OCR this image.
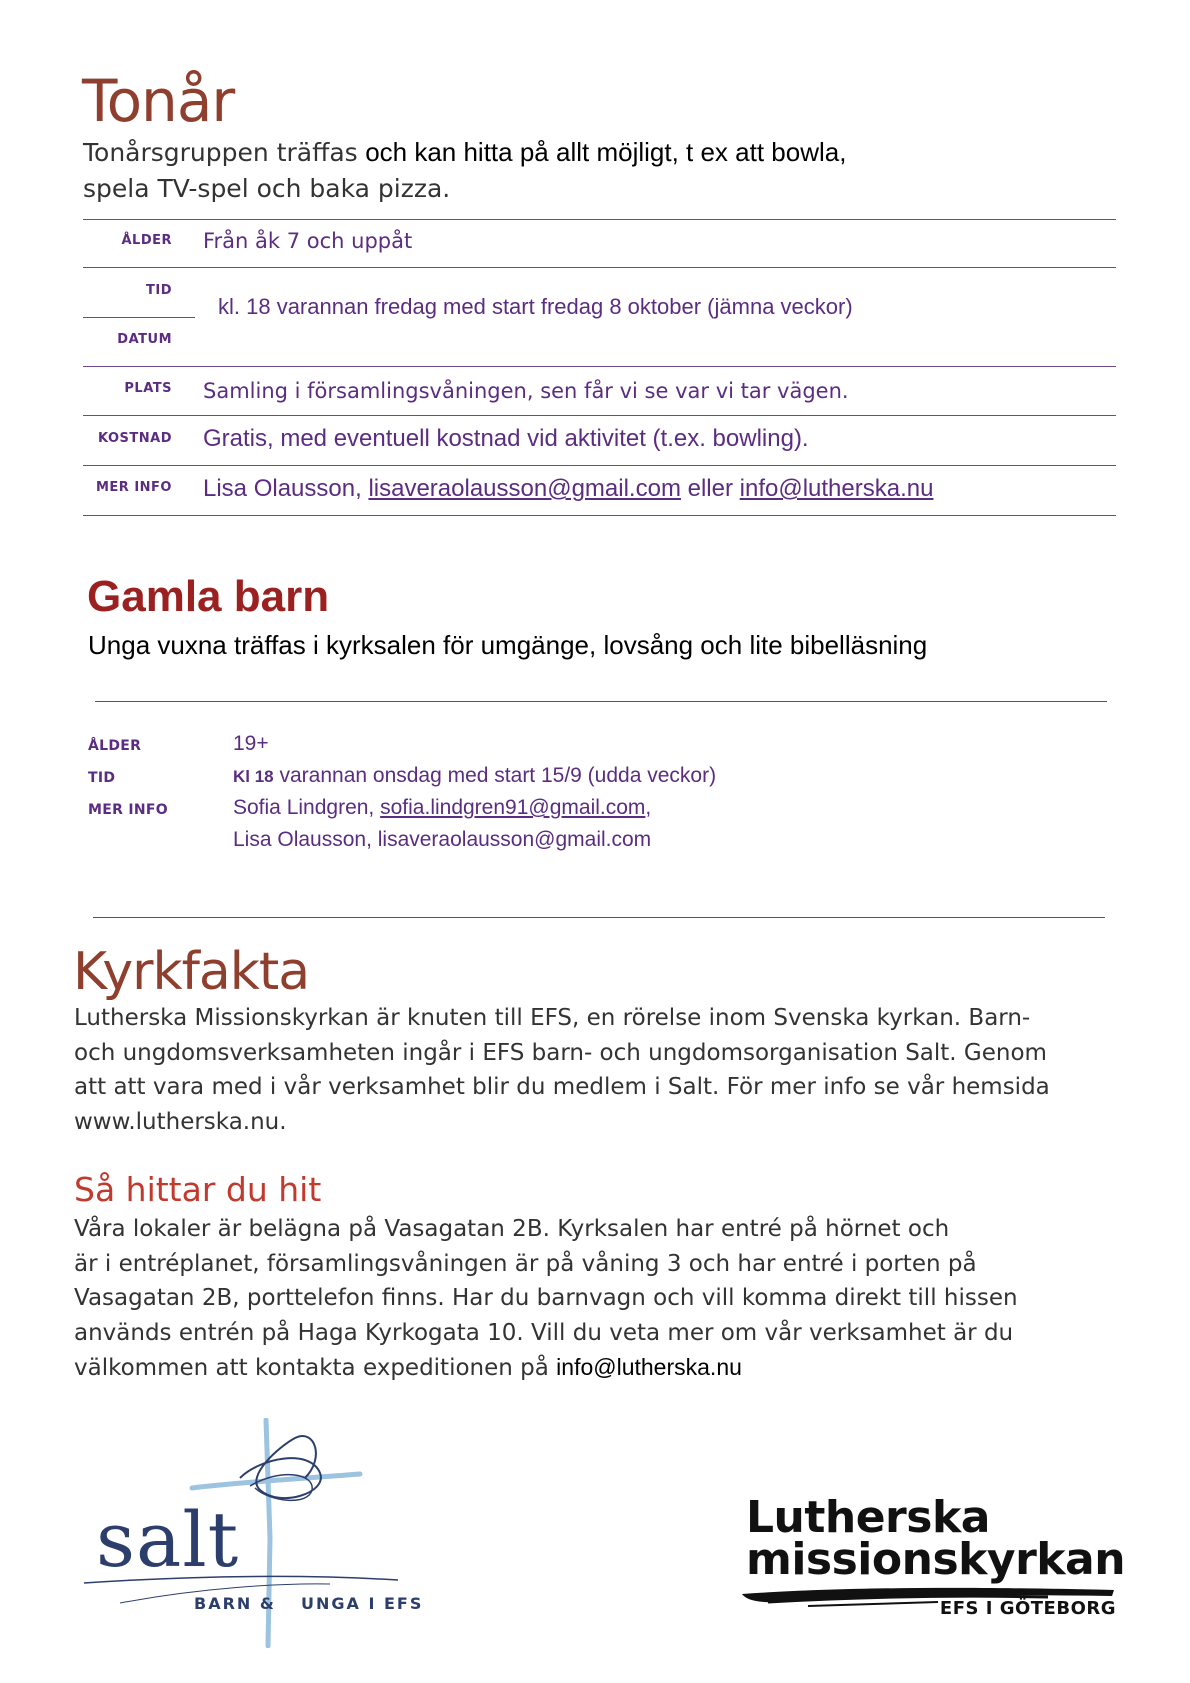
Tonår
Tonårsgruppen träffas och kan hitta på allt möjligt, t ex att bowla,
spela TV-spel och baka pizza.
ÅLDER Från åk 7 och uppåt
TID
DATUM
kl. 18 varannan fredag med start fredag 8 oktober (jämna veckor)
PLATS Samling i församlingsvåningen, sen får vi se var vi tar vägen.
KOSTNAD Gratis, med eventuell kostnad vid aktivitet (t.ex. bowling).
MER INFO Lisa Olausson, lisaveraolausson@gmail.com eller info@lutherska.nu
Gamla barn
Unga vuxna träffas i kyrksalen för umgänge, lovsång och lite bibelläsning
ÅLDER	19+
TID	Kl 18 varannan onsdag med start 15/9 (udda veckor)
MER INFO	Sofia Lindgren, sofia.lindgren91@gmail.com,
Lisa Olausson, lisaveraolausson@gmail.com
Kyrkfakta
Lutherska Missionskyrkan är knuten till EFS, en rörelse inom Svenska kyrkan. Barn-
och ungdomsverksamheten ingår i EFS barn- och ungdomsorganisation Salt. Genom
att att vara med i vår verksamhet blir du medlem i Salt. För mer info se vår hemsida
www.lutherska.nu.
Så hittar du hit
Våra lokaler är belägna på Vasagatan 2B. Kyrksalen har entré på hörnet och
är i entréplanet, församlingsvåningen är på våning 3 och har entré i porten på
Vasagatan 2B, porttelefon finns. Har du barnvagn och vill komma direkt till hissen
används entrén på Haga Kyrkogata 10. Vill du veta mer om vår verksamhet är du
välkommen att kontakta expeditionen på info@lutherska.nu
salt
BARN & UNGA I EFS
Lutherska
missionskyrkan
EFS I GÖTEBORG
